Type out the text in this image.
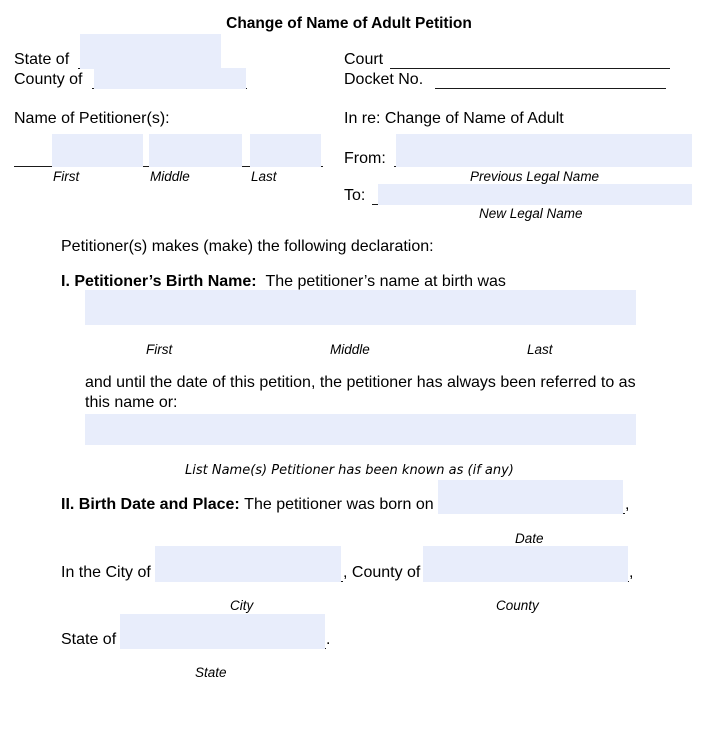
Change of Name of Adult Petition
State of
County of
Court
Docket No.
Name of Petitioner(s):
First	Middle	Last
In re: Change of Name of Adult
From:
Previous Legal Name
To:
New Legal Name
Petitioner(s) makes (make) the following declaration:
I. Petitioner’s Birth Name: The petitioner’s name at birth was
First	Middle	Last
and until the date of this petition, the petitioner has always been referred to as
this name or:
List Name(s) Petitioner has been known as (if any)
II. Birth Date and Place: The petitioner was born on	,
Date
In the City of	, County of	,
City	County
State of	.
State
